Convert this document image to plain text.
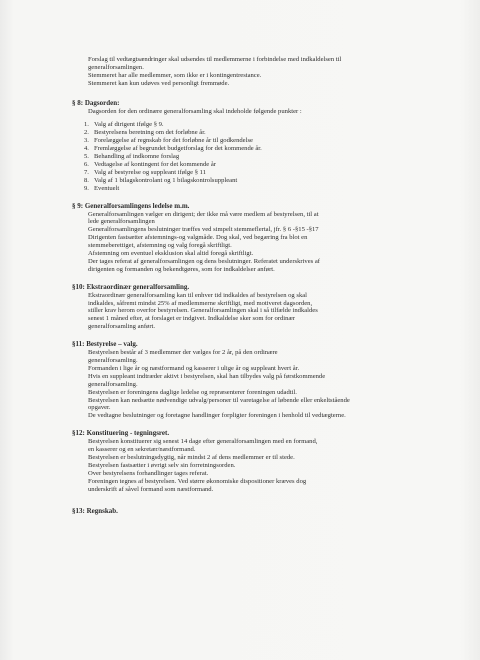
Forslag til vedtægtsændringer skal udsendes til medlemmerne i forbindelse med indkaldelsen til
generalforsamlingen.
Stemmeret har alle medlemmer, som ikke er i kontingentrestance.
Stemmeret kan kun udøves ved personligt fremmøde.
§ 8: Dagsorden:
Dagsorden for den ordinære generalforsamling skal indeholde følgende punkter :
1. Valg af dirigent ifølge § 9.
2. Bestyrelsens beretning om det forløbne år.
3. Forelæggelse af regnskab for det forløbne år til godkendelse
4. Fremlæggelse af begrundet budgetforslag for det kommende år.
5. Behandling af indkomne forslag
6. Vedtagelse af kontingent for det kommende år
7. Valg af bestyrelse og suppleant ifølge § 11
8. Valg af 1 bilagskontrolant og 1 bilagskontrolsuppleant
9. Eventuelt
§ 9: Generalforsamlingens ledelse m.m.
Generalforsamlingen vælger en dirigent; der ikke må være medlem af bestyrelsen, til at
lede generalforsamlingen
Generalforsamlingens beslutninger træffes ved simpelt stemmeflertal, jfr. § 6 -§15 -§17
Dirigenten fastsætter afstemnings-og valgmåde. Dog skal, ved begæring fra blot en
stemmeberettiget, afstemning og valg foregå skriftligt.
Afstemning om eventuel eksklusion skal altid foregå skriftligt.
Der tages referat af generalforsamlingen og dens beslutninger. Referatet underskrives af
dirigenten og formanden og bekendtgøres, som for indkaldelser anført.
§10: Ekstraordinær generalforsamling.
Ekstraordinær generalforsamling kan til enhver tid indkaldes af bestyrelsen og skal
indkaldes, såfremt mindst 25% af medlemmerne skriftligt, med motiveret dagsorden,
stiller krav herom overfor bestyrelsen. Generalforsamlingen skal i så tilfælde indkaldes
senest 1 måned efter, at forslaget er indgivet. Indkaldelse sker som for ordinær
generalforsamling anført.
§11: Bestyrelse – valg.
Bestyrelsen består af 3 medlemmer der vælges for 2 år, på den ordinære
generalforsamling.
Formanden i lige år og næstformand og kasserer i ulige år og suppleant hvert år.
Hvis en suppleant indtræder aktivt i bestyrelsen, skal han tilbydes valg på førstkommende
generalforsamling.
Bestyrelsen er foreningens daglige ledelse og repræsenterer foreningen udadtil.
Bestyrelsen kan nedsætte nødvendige udvalg/personer til varetagelse af løbende eller enkeltstående
opgaver.
De vedtagne beslutninger og foretagne handlinger forpligter foreningen i henhold til vedtægterne.
§12: Konstituering - tegningsret.
Bestyrelsen konstituerer sig senest 14 dage efter generalforsamlingen med en formand,
en kasserer og en sekretær/næstformand.
Bestyrelsen er beslutningsdygtig, når mindst 2 af dens medlemmer er til stede.
Bestyrelsen fastsætter i øvrigt selv sin forretningsorden.
Over bestyrelsens forhandlinger tages referat.
Foreningen tegnes af bestyrelsen. Ved større økonomiske dispositioner kræves dog
underskrift af såvel formand som næstformand.
§13: Regnskab.
